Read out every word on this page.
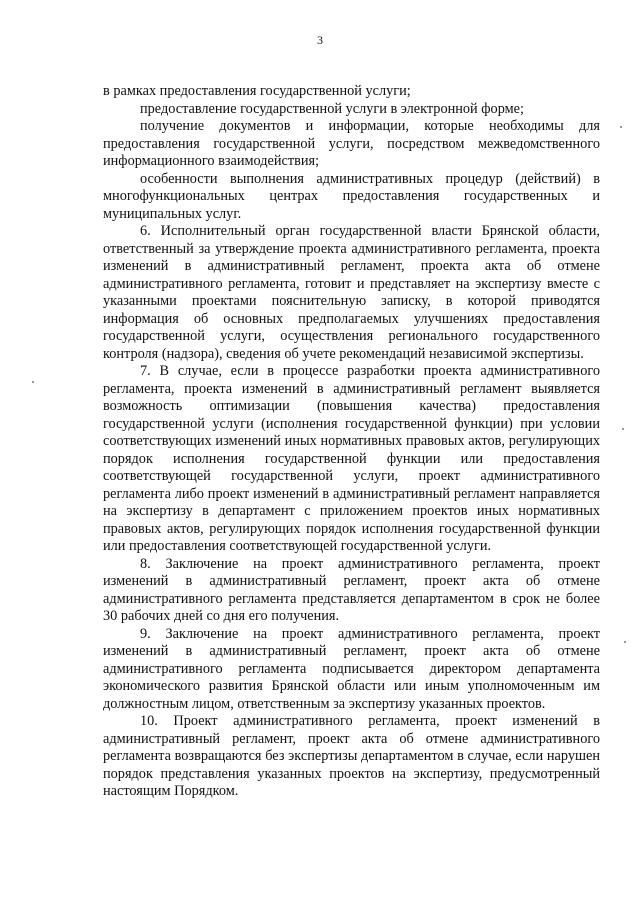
3

в рамках предоставления государственной услуги;

предоставление государственной услуги в электронной форме;

получение документов и информации, которые необходимы для предоставления государственной услуги, посредством межведомственного информационного взаимодействия;

особенности выполнения административных процедур (действий) в многофункциональных центрах предоставления государственных и муниципальных услуг.

6. Исполнительный орган государственной власти Брянской области, ответственный за утверждение проекта административного регламента, проекта изменений в административный регламент, проекта акта об отмене административного регламента, готовит и представляет на экспертизу вместе с указанными проектами пояснительную записку, в которой приводятся информация об основных предполагаемых улучшениях предоставления государственной услуги, осуществления регионального государственного контроля (надзора), сведения об учете рекомендаций независимой экспертизы.

7. В случае, если в процессе разработки проекта административного регламента, проекта изменений в административный регламент выявляется возможность оптимизации (повышения качества) предоставления государственной услуги (исполнения государственной функции) при условии соответствующих изменений иных нормативных правовых актов, регулирующих порядок исполнения государственной функции или предоставления соответствующей государственной услуги, проект административного регламента либо проект изменений в административный регламент направляется на экспертизу в департамент с приложением проектов иных нормативных правовых актов, регулирующих порядок исполнения государственной функции или предоставления соответствующей государственной услуги.

8. Заключение на проект административного регламента, проект изменений в административный регламент, проект акта об отмене административного регламента представляется департаментом в срок не более 30 рабочих дней со дня его получения.

9. Заключение на проект административного регламента, проект изменений в административный регламент, проект акта об отмене административного регламента подписывается директором департамента экономического развития Брянской области или иным уполномоченным им должностным лицом, ответственным за экспертизу указанных проектов.

10. Проект административного регламента, проект изменений в административный регламент, проект акта об отмене административного регламента возвращаются без экспертизы департаментом в случае, если нарушен порядок представления указанных проектов на экспертизу, предусмотренный настоящим Порядком.
